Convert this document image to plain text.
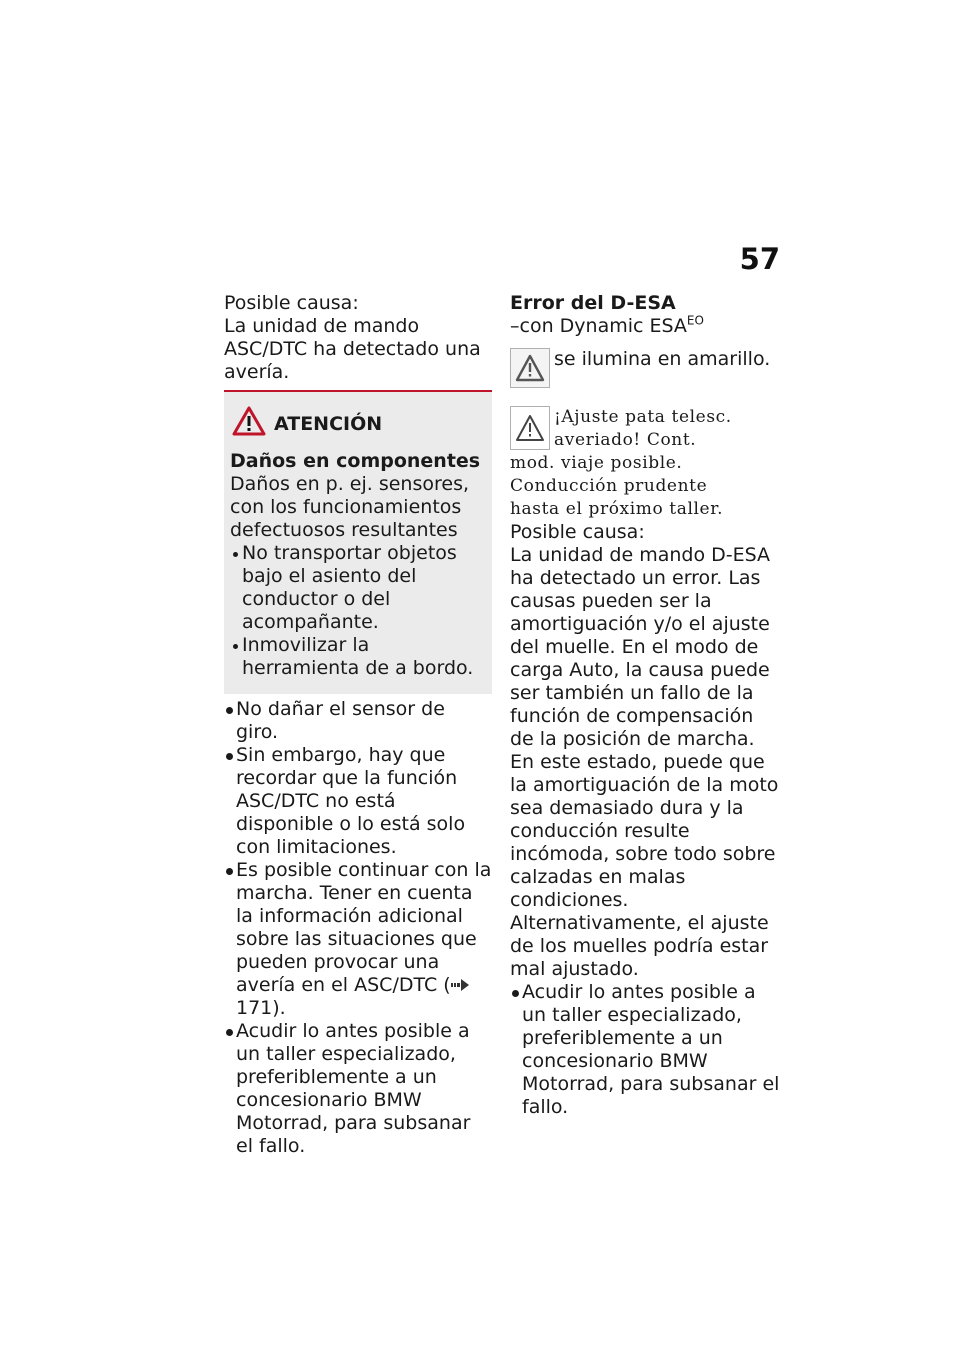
57

Posible causa:

La unidad de mando ASC/DTC ha detectado una avería.

ATENCIÓN

Daños en componentes

Daños en p. ej. sensores, con los funcionamientos defectuosos resultantes

No transportar objetos bajo el asiento del conductor o del acompañante.
Inmovilizar la herramienta de a bordo.
No dañar el sensor de giro.
Sin embargo, hay que recordar que la función ASC/DTC no está disponible o lo está solo con limitaciones.
Es posible continuar con la marcha. Tener en cuenta la información adicional sobre las situaciones que pueden provocar una avería en el ASC/DTC (171).
Acudir lo antes posible a un taller especializado, preferiblemente a un concesionario BMW Motorrad, para subsanar el fallo.

Error del D-ESA

–con Dynamic $ESA^{EO}$

se ilumina en amarillo.

¡Ajuste pata telesc.

averiado! Cont.

mod. viaje posible.

Conducción prudente

hasta el próximo taller.

Posible causa:

La unidad de mando D-ESA ha detectado un error. Las causas pueden ser la amortiguación y/o el ajuste del muelle. En el modo de carga Auto, la causa puede ser también un fallo de la función de compensación de la posición de marcha. En este estado, puede que la amortiguación de la moto sea demasiado dura y la conducción resulte incómoda, sobre todo sobre calzadas en malas condiciones. Alternativamente, el ajuste de los muelles podría estar mal ajustado.

Acudir lo antes posible a un taller especializado, preferiblemente a un concesionario BMW Motorrad, para subsanar el fallo.
